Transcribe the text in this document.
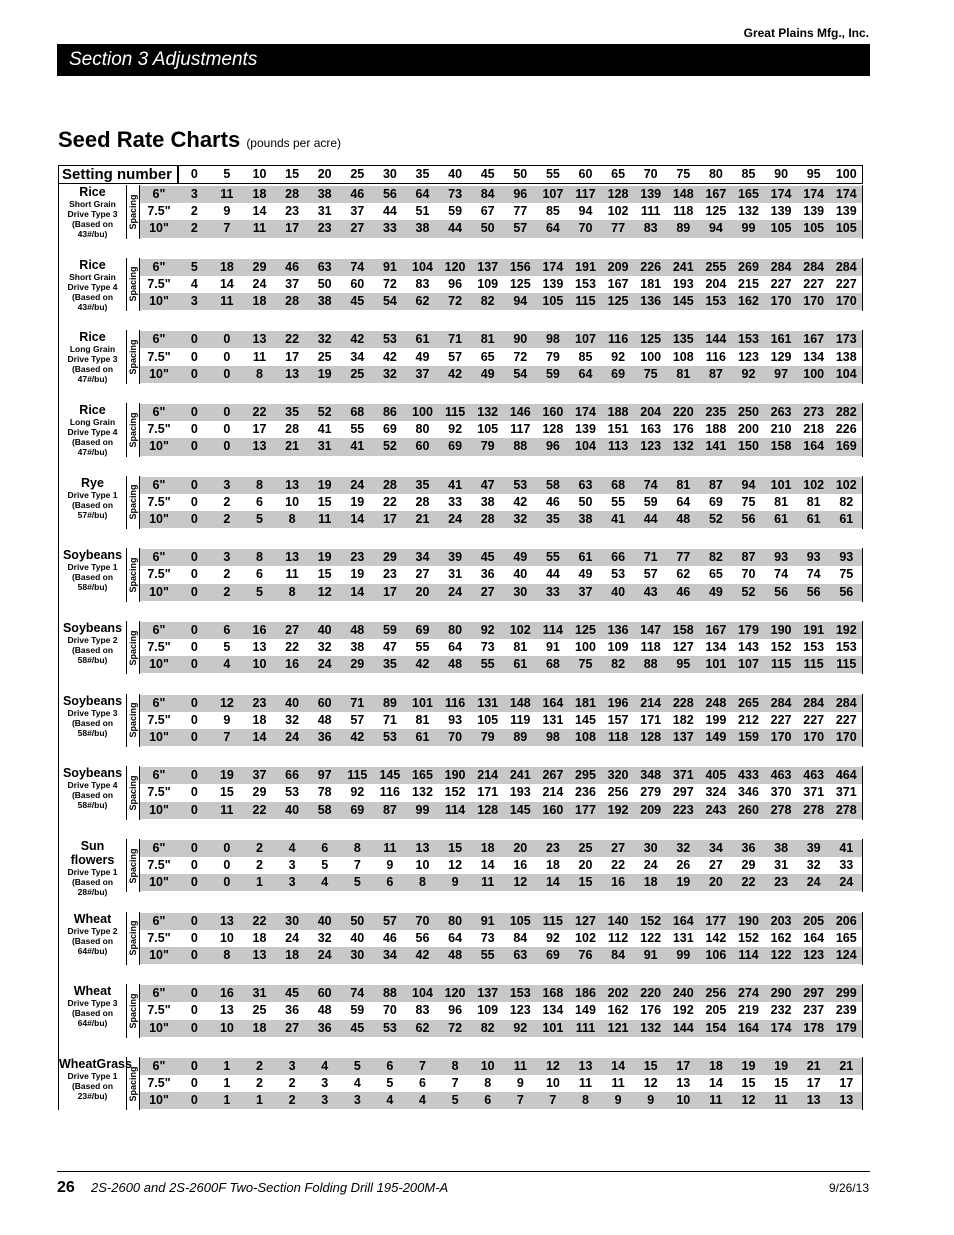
Great Plains Mfg., Inc.
Section 3 Adjustments
Seed Rate Charts (pounds per acre)
Setting number	0	5	10	15	20	25	30	35	40	45	50	55	60	65	70	75	80	85	90	95	100
Rice
Short Grain
Drive Type 3
(Based on
43#/bu)
Spacing
6"	3	11	18	28	38	46	56	64	73	84	96	107 117 128 139 148 167 165 174 174 174
7.5"	2	9	14	23	31	37	44	51	59	67	77	85	94	102 111	118 125 132 139 139 139
10"	2	7	11	17	23	27	33	38	44	50	57	64	70	77	83	89	94	99	105 105 105
Rice
Short Grain
Drive Type 4
(Based on
43#/bu)
Spacing
6"	5	18	29	46	63	74	91	104 120 137 156 174 191 209 226 241 255 269 284 284 284
7.5"	4	14	24	37	50	60	72	83	96	109 125 139 153 167 181 193 204 215 227 227 227
10"	3	11	18	28	38	45	54	62	72	82	94	105 115 125 136 145 153 162 170 170 170
Rice
Long Grain
Drive Type 3
(Based on
47#/bu)
Spacing
6"	0	0	13	22	32	42	53	61	71	81	90	98	107 116 125 135 144 153 161 167 173
7.5"	0	0	11	17	25	34	42	49	57	65	72	79	85	92	100 108 116 123 129 134 138
10"	0	0	8	13	19	25	32	37	42	49	54	59	64	69	75	81	87	92	97	100 104
Rice
Long Grain
Drive Type 4
(Based on
47#/bu)
Spacing
6"	0	0	22	35	52	68	86	100 115 132 146 160 174 188 204 220 235 250 263 273 282
7.5"	0	0	17	28	41	55	69	80	92	105 117 128 139 151 163 176 188 200 210 218 226
10"	0	0	13	21	31	41	52	60	69	79	88	96	104 113 123 132 141 150 158 164 169
Rye
Drive Type 1
(Based on
57#/bu)	Spacing
6"	0	3	8	13	19	24	28	35	41	47	53	58	63	68	74	81	87	94	101 102 102
7.5"	0	2	6	10	15	19	22	28	33	38	42	46	50	55	59	64	69	75	81	81	82
10"	0	2	5	8	11	14	17	21	24	28	32	35	38	41	44	48	52	56	61	61	61
Soybeans
Drive Type 1
(Based on
58#/bu)	Spacing
6"	0	3	8	13	19	23	29	34	39	45	49	55	61	66	71	77	82	87	93	93	93
7.5"	0	2	6	11	15	19	23	27	31	36	40	44	49	53	57	62	65	70	74	74	75
10"	0	2	5	8	12	14	17	20	24	27	30	33	37	40	43	46	49	52	56	56	56
Soybeans
Drive Type 2
(Based on
58#/bu)	Spacing
6"	0	6	16	27	40	48	59	69	80	92	102 114 125 136 147 158 167 179 190 191 192
7.5"	0	5	13	22	32	38	47	55	64	73	81	91	100 109 118 127 134 143 152 153 153
10"	0	4	10	16	24	29	35	42	48	55	61	68	75	82	88	95	101 107 115 115 115
Soybeans
Drive Type 3
(Based on
58#/bu)	Spacing
6"	0	12	23	40	60	71	89	101 116 131 148 164 181 196 214 228 248 265 284 284 284
7.5"	0	9	18	32	48	57	71	81	93	105 119 131 145 157 171 182 199 212 227 227 227
10"	0	7	14	24	36	42	53	61	70	79	89	98	108 118 128 137 149 159 170 170 170
Soybeans
Drive Type 4
(Based on
58#/bu)	Spacing
6"	0	19	37	66	97	115 145 165 190 214 241 267 295 320 348 371 405 433 463 463 464
7.5"	0	15	29	53	78	92	116 132 152 171 193 214 236 256 279 297 324 346 370 371 371
10"	0	11	22	40	58	69	87	99	114 128 145 160 177 192 209 223 243 260 278 278 278
Sun flowers
Drive Type 1
(Based on
28#/bu)
Spacing
6"	0	0	2	4	6	8	11	13	15	18	20	23	25	27	30	32	34	36	38	39	41
7.5"	0	0	2	3	5	7	9	10	12	14	16	18	20	22	24	26	27	29	31	32	33
10"	0	0	1	3	4	5	6	8	9	11	12	14	15	16	18	19	20	22	23	24	24
Wheat
Drive Type 2
(Based on
64#/bu)	Spacing
6"	0	13	22	30	40	50	57	70	80	91	105 115 127 140 152 164 177 190 203 205 206
7.5"	0	10	18	24	32	40	46	56	64	73	84	92	102 112 122 131 142 152 162 164 165
10"	0	8	13	18	24	30	34	42	48	55	63	69	76	84	91	99	106 114 122 123 124
Wheat
Drive Type 3
(Based on
64#/bu)	Spacing
6"	0	16	31	45	60	74	88	104 120 137 153 168 186 202 220 240 256 274 290 297 299
7.5"	0	13	25	36	48	59	70	83	96	109 123 134 149 162 176 192 205 219 232 237 239
10"	0	10	18	27	36	45	53	62	72	82	92	101 111 121 132 144 154 164 174 178 179
WheatGrass
Drive Type 1
(Based on
23#/bu)	Spacing
6"	0	1	2	3	4	5	6	7	8	10	11	12	13	14	15	17	18	19	19	21	21
7.5"	0	1	2	2	3	4	5	6	7	8	9	10	11	11	12	13	14	15	15	17	17
10"	0	1	1	2	3	3	4	4	5	6	7	7	8	9	9	10	11	12	11	13	13
26 2S-2600 and 2S-2600F Two-Section Folding Drill 195-200M-A	9/26/13
